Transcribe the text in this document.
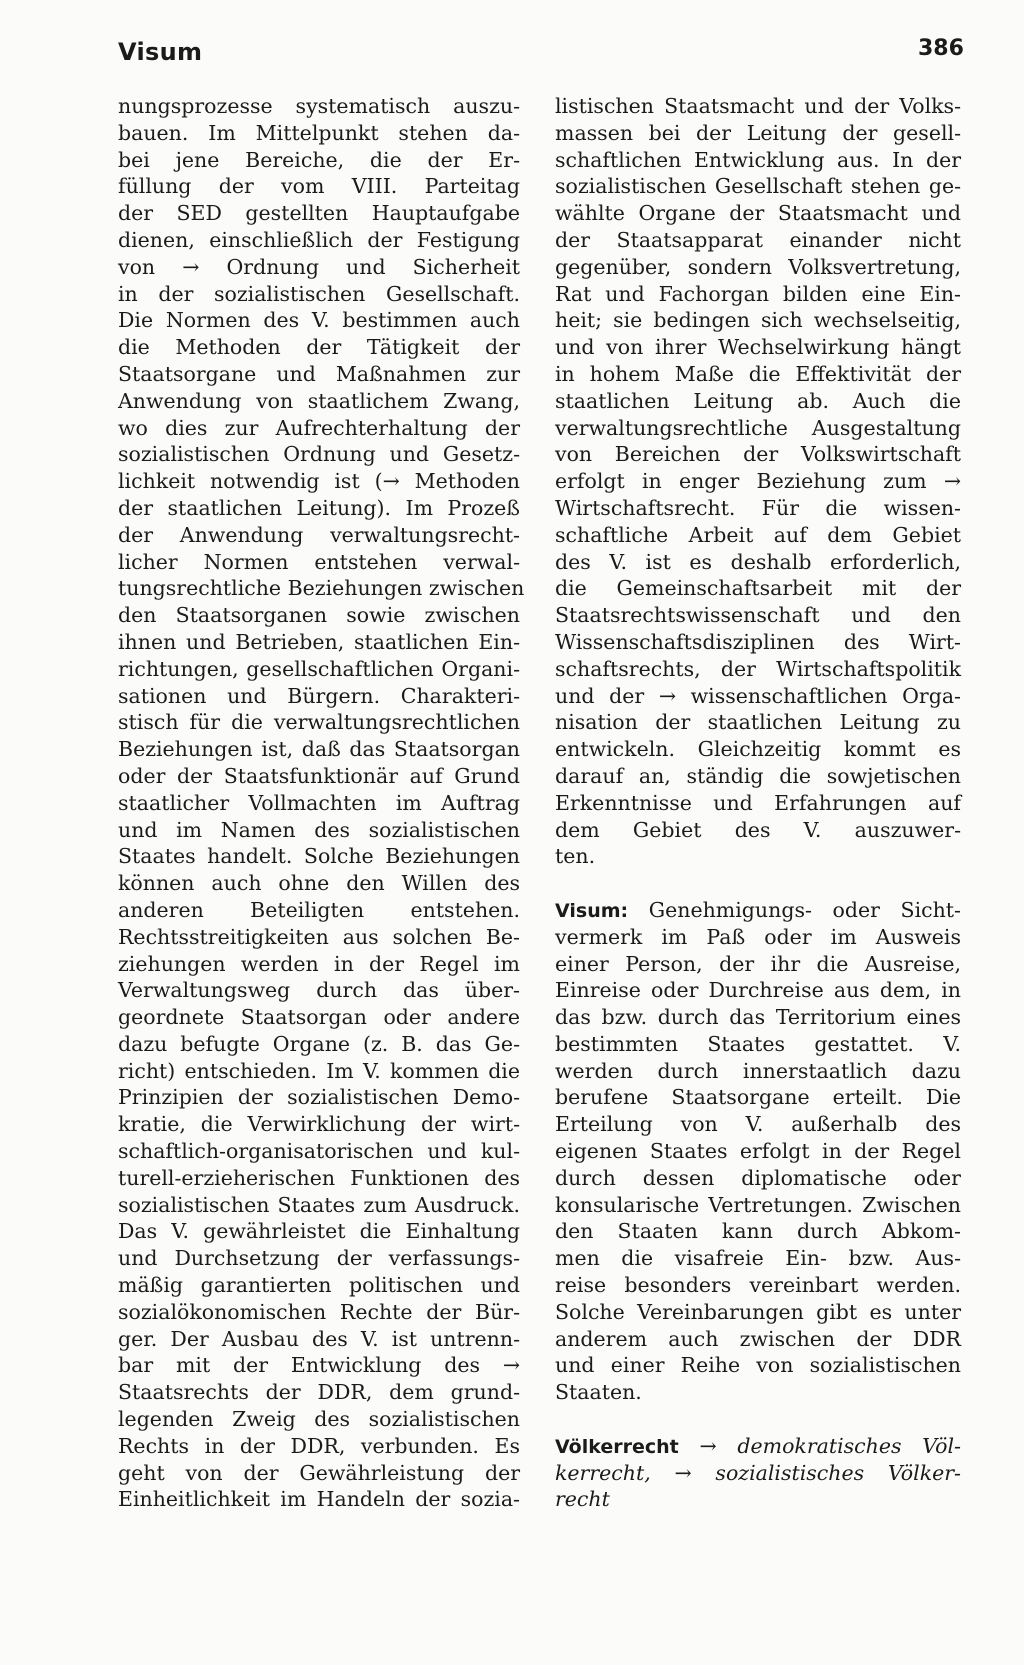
Visum	386
nungsprozesse systematisch auszu-
bauen. Im Mittelpunkt stehen da-
bei jene Bereiche, die der Er-
füllung der vom VIII. Parteitag
der SED gestellten Hauptaufgabe
dienen, einschließlich der Festigung
von → Ordnung und Sicherheit
in der sozialistischen Gesellschaft.
Die Normen des V. bestimmen auch
die Methoden der Tätigkeit der
Staatsorgane und Maßnahmen zur
Anwendung von staatlichem Zwang,
wo dies zur Aufrechterhaltung der
sozialistischen Ordnung und Gesetz-
lichkeit notwendig ist (→ Methoden
der staatlichen Leitung). Im Prozeß
der Anwendung verwaltungsrecht-
licher Normen entstehen verwal-
tungsrechtliche Beziehungen zwischen
den Staatsorganen sowie zwischen
ihnen und Betrieben, staatlichen Ein-
richtungen, gesellschaftlichen Organi-
sationen und Bürgern. Charakteri-
stisch für die verwaltungsrechtlichen
Beziehungen ist, daß das Staatsorgan
oder der Staatsfunktionär auf Grund
staatlicher Vollmachten im Auftrag
und im Namen des sozialistischen
Staates handelt. Solche Beziehungen
können auch ohne den Willen des
anderen Beteiligten entstehen.
Rechtsstreitigkeiten aus solchen Be-
ziehungen werden in der Regel im
Verwaltungsweg durch das über-
geordnete Staatsorgan oder andere
dazu befugte Organe (z. B. das Ge-
richt) entschieden. Im V. kommen die
Prinzipien der sozialistischen Demo-
kratie, die Verwirklichung der wirt-
schaftlich-organisatorischen und kul-
turell-erzieherischen Funktionen des
sozialistischen Staates zum Ausdruck.
Das V. gewährleistet die Einhaltung
und Durchsetzung der verfassungs-
mäßig garantierten politischen und
sozialökonomischen Rechte der Bür-
ger. Der Ausbau des V. ist untrenn-
bar mit der Entwicklung des →
Staatsrechts der DDR, dem grund-
legenden Zweig des sozialistischen
Rechts in der DDR, verbunden. Es
geht von der Gewährleistung der
Einheitlichkeit im Handeln der sozia-
listischen Staatsmacht und der Volks-
massen bei der Leitung der gesell-
schaftlichen Entwicklung aus. In der
sozialistischen Gesellschaft stehen ge-
wählte Organe der Staatsmacht und
der Staatsapparat einander nicht
gegenüber, sondern Volksvertretung,
Rat und Fachorgan bilden eine Ein-
heit; sie bedingen sich wechselseitig,
und von ihrer Wechselwirkung hängt
in hohem Maße die Effektivität der
staatlichen Leitung ab. Auch die
verwaltungsrechtliche Ausgestaltung
von Bereichen der Volkswirtschaft
erfolgt in enger Beziehung zum →
Wirtschaftsrecht. Für die wissen-
schaftliche Arbeit auf dem Gebiet
des V. ist es deshalb erforderlich,
die Gemeinschaftsarbeit mit der
Staatsrechtswissenschaft und den
Wissenschaftsdisziplinen des Wirt-
schaftsrechts, der Wirtschaftspolitik
und der → wissenschaftlichen Orga-
nisation der staatlichen Leitung zu
entwickeln. Gleichzeitig kommt es
darauf an, ständig die sowjetischen
Erkenntnisse und Erfahrungen auf
dem Gebiet des V. auszuwer-
ten.
Visum: Genehmigungs- oder Sicht-
vermerk im Paß oder im Ausweis
einer Person, der ihr die Ausreise,
Einreise oder Durchreise aus dem, in
das bzw. durch das Territorium eines
bestimmten Staates gestattet. V.
werden durch innerstaatlich dazu
berufene Staatsorgane erteilt. Die
Erteilung von V. außerhalb des
eigenen Staates erfolgt in der Regel
durch dessen diplomatische oder
konsularische Vertretungen. Zwischen
den Staaten kann durch Abkom-
men die visafreie Ein- bzw. Aus-
reise besonders vereinbart werden.
Solche Vereinbarungen gibt es unter
anderem auch zwischen der DDR
und einer Reihe von sozialistischen
Staaten.
Völkerrecht → demokratisches Völ-
kerrecht, → sozialistisches Völker-
recht
